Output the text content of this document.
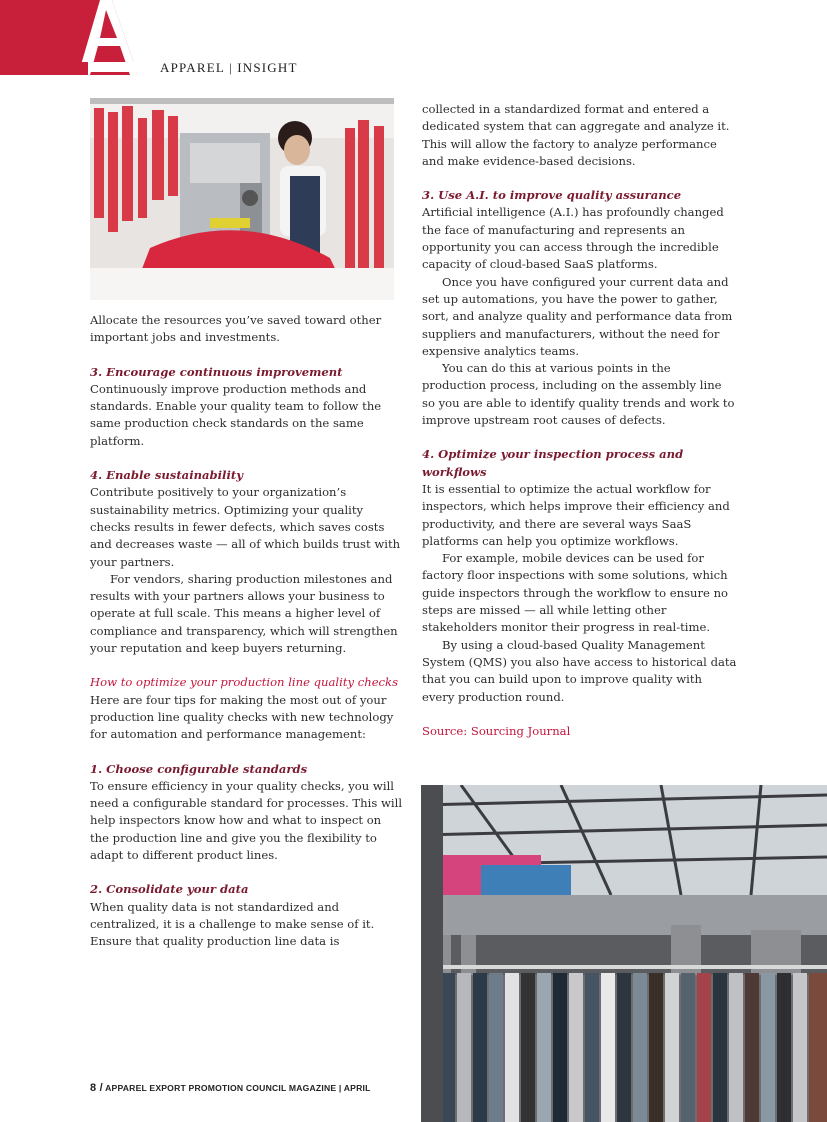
APPAREL | INSIGHT

Allocate the resources you’ve saved toward other important jobs and investments.

3. Encourage continuous improvement

Continuously improve production methods and standards. Enable your quality team to follow the same production check standards on the same platform.

4. Enable sustainability

Contribute positively to your organization’s sustainability metrics. Optimizing your quality checks results in fewer defects, which saves costs and decreases waste — all of which builds trust with your partners.

For vendors, sharing production milestones and results with your partners allows your business to operate at full scale. This means a higher level of compliance and transparency, which will strengthen your reputation and keep buyers returning.

How to optimize your production line quality checks

Here are four tips for making the most out of your production line quality checks with new technology for automation and performance management:

1. Choose configurable standards

To ensure efficiency in your quality checks, you will need a configurable standard for processes. This will help inspectors know how and what to inspect on the production line and give you the flexibility to adapt to different product lines.

2. Consolidate your data

When quality data is not standardized and centralized, it is a challenge to make sense of it. Ensure that quality production line data is

collected in a standardized format and entered a dedicated system that can aggregate and analyze it. This will allow the factory to analyze performance and make evidence-based decisions.

3. Use A.I. to improve quality assurance

Artificial intelligence (A.I.) has profoundly changed the face of manufacturing and represents an opportunity you can access through the incredible capacity of cloud-based SaaS platforms.

Once you have configured your current data and set up automations, you have the power to gather, sort, and analyze quality and performance data from suppliers and manufacturers, without the need for expensive analytics teams.

You can do this at various points in the production process, including on the assembly line so you are able to identify quality trends and work to improve upstream root causes of defects.

4. Optimize your inspection process and workflows

It is essential to optimize the actual workflow for inspectors, which helps improve their efficiency and productivity, and there are several ways SaaS platforms can help you optimize workflows.

For example, mobile devices can be used for factory floor inspections with some solutions, which guide inspectors through the workflow to ensure no steps are missed — all while letting other stakeholders monitor their progress in real-time.

By using a cloud-based Quality Management System (QMS) you also have access to historical data that you can build upon to improve quality with every production round.

Source: Sourcing Journal

8 / APPAREL EXPORT PROMOTION COUNCIL MAGAZINE | APRIL
